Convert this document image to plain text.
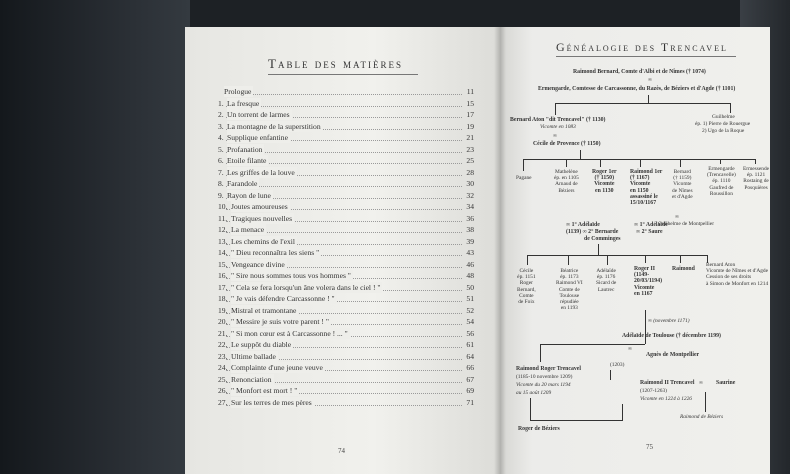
Table des matières
Prologue	11
1. La fresque	15
2. Un torrent de larmes	17
3. La montagne de la superstition	19
4. Supplique enfantine	21
5. Profanation	23
6. Etoile filante	25
7. Les griffes de la louve	28
8. Farandole	30
9. Rayon de lune	32
10. Joutes amoureuses	34
11. Tragiques nouvelles	36
12. La menace	38
13. Les chemins de l'exil	39
14. " Dieu reconnaîtra les siens "	43
15. Vengeance divine	46
16. " Sire nous sommes tous vos hommes "	48
17. " Cela se fera lorsqu'un âne volera dans le ciel ! "	50
18. " Je vais défendre Carcassonne ! "	51
19. Mistral et tramontane	52
20. " Messire je suis votre parent ! "	54
21. " Si mon cœur est à Carcassonne ! ... "	56
22. Le suppôt du diable	61
23. Ultime ballade	64
24. Complainte d'une jeune veuve	66
25. Renonciation	67
26. " Monfort est mort ! "	69
27. Sur les terres de mes pères	71
74
Généalogie des Trencavel
Raimond Bernard, Comte d'Albi et de Nîmes († 1074)
∞
Ermengarde, Comtesse de Carcassonne, du Razès, de Béziers et d'Agde († 1101)
Bernard Aton "dit Trencavel" († 1130)
Vicomte en 1083
∞
Cécile de Provence († 1150)
Guilhelme
ép. 1) Pierre de Rouergue
2) Ugo de la Roque
Pagane
Mathelène
ép. en 1105
Arnaud de
Béziers
Roger 1er
(† 1150)
Vicomte
en 1130
Raimond 1er
(† 1167)
Vicomte
en 1150
assassiné le
15/10/1167
Bernard
(† 1159)
Vicomte
de Nîmes
et d'Agde
Ermengarde
(Trencavelle)
ép. 1110
Gaufred de
Roussillon
Ermessende
ép. 1121
Rostaing de
Posquières
∞ 1° Adélaïde
(1139) ∞ 2° Bernarde
de Comminges
∞ 1° Adélaïde
∞ 2° Saure
∞
Guilhelme de Montpellier
Cécile
ép. 1151
Roger
Bernard,
Comte
de Foix
Béatrice
ép. 1173
Raimond VI
Comte de
Toulouse
répudiée
en 1193
Adélaïde
ép. 1176
Sicard de
Lautrec
Roger II
(1149-
20/03/1194)
Vicomte
en 1167
Raimond
Bernard Aton
Vicomte de Nîmes et d'Agde
Cession de ses droits
à Simon de Monfort en 1214
∞ (novembre 1171)
Adélaïde de Toulouse († décembre 1199)
∞
Agnès de Montpellier
(1203)
Raimond Roger Trencavel
(1185-10 novembre 1209)
Vicomte du 20 mars 1194
au 15 août 1209
Raimond II Trencavel ∞ Saurine
(1207-1263)
Vicomte en 1224 à 1226
Raimond de Béziers
Roger de Béziers
75
